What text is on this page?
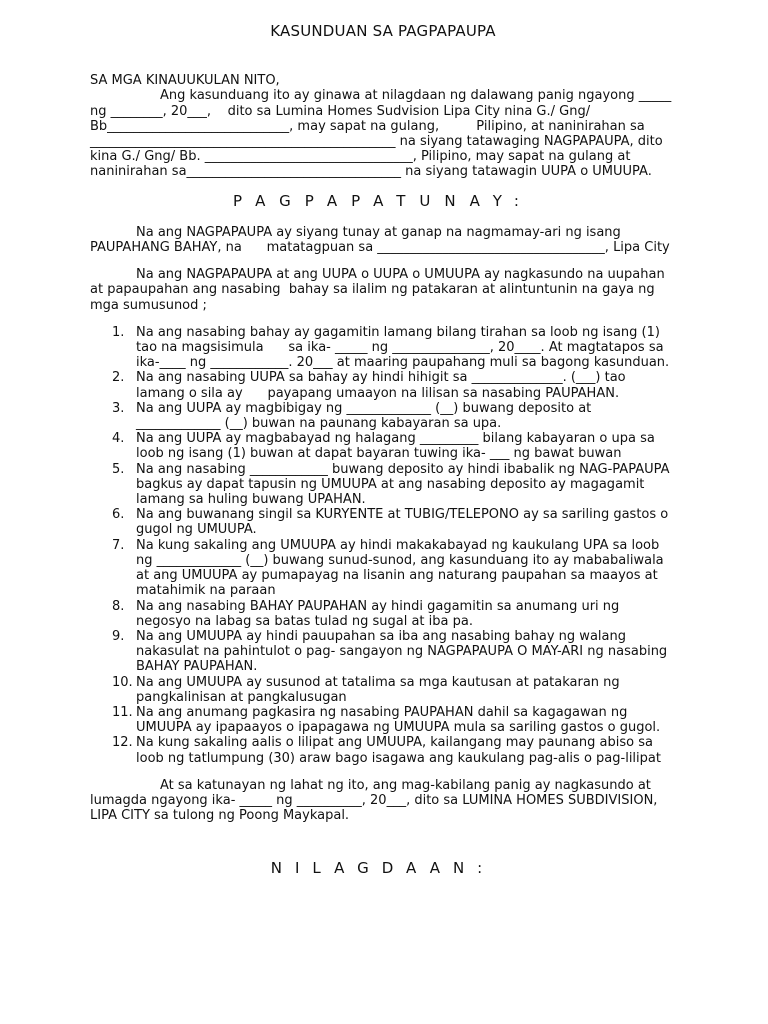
KASUNDUAN SA PAGPAPAUPA

SA MGA KINAUUKULAN NITO,

Ang kasunduang ito ay ginawa at nilagdaan ng dalawang panig ngayong _____ ng ________, 20___,    dito sa Lumina Homes Sudvision Lipa City nina G./ Gng/ Bb____________________________, may sapat na gulang,         Pilipino, at naninirahan sa _______________________________________________ na siyang tatawaging NAGPAPAUPA, dito kina G./ Gng/ Bb. ________________________________, Pilipino, may sapat na gulang at naninirahan sa_________________________________ na siyang tatawagin UUPA o UMUUPA.

PAGPAPATUNAY:

Na ang NAGPAPAUPA ay siyang tunay at ganap na nagmamay-ari ng isang PAUPAHANG BAHAY, na      matatagpuan sa ___________________________________, Lipa City

Na ang NAGPAPAUPA at ang UUPA o UUPA o UMUUPA ay nagkasundo na uupahan at papaupahan ang nasabing  bahay sa ilalim ng patakaran at alintuntunin na gaya ng mga sumusunod ;

1. Na ang nasabing bahay ay gagamitin lamang bilang tirahan sa loob ng isang (1) tao na magsisimula      sa ika- _____ ng _______________, 20____. At magtatapos sa ika-____ ng ____________. 20___ at maaring paupahang muli sa bagong kasunduan.
2. Na ang nasabing UUPA sa bahay ay hindi hihigit sa ______________. (___) tao lamang o sila ay      payapang umaayon na lilisan sa nasabing PAUPAHAN.
3. Na ang UUPA ay magbibigay ng _____________ (__) buwang deposito at _____________ (__) buwan na paunang kabayaran sa upa.
4. Na ang UUPA ay magbabayad ng halagang _________ bilang kabayaran o upa sa loob ng isang (1) buwan at dapat bayaran tuwing ika- ___ ng bawat buwan
5. Na ang nasabing ____________ buwang deposito ay hindi ibabalik ng NAG-PAPAUPA bagkus ay dapat tapusin ng UMUUPA at ang nasabing deposito ay magagamit lamang sa huling buwang UPAHAN.
6. Na ang buwanang singil sa KURYENTE at TUBIG/TELEPONO ay sa sariling gastos o gugol ng UMUUPA.
7. Na kung sakaling ang UMUUPA ay hindi makakabayad ng kaukulang UPA sa loob ng _____________ (__) buwang sunud-sunod, ang kasunduang ito ay mababaliwala at ang UMUUPA ay pumapayag na lisanin ang naturang paupahan sa maayos at matahimik na paraan
8. Na ang nasabing BAHAY PAUPAHAN ay hindi gagamitin sa anumang uri ng negosyo na labag sa batas tulad ng sugal at iba pa.
9. Na ang UMUUPA ay hindi pauupahan sa iba ang nasabing bahay ng walang nakasulat na pahintulot o pag- sangayon ng NAGPAPAUPA O MAY-ARI ng nasabing BAHAY PAUPAHAN.
10. Na ang UMUUPA ay susunod at tatalima sa mga kautusan at patakaran ng pangkalinisan at pangkalusugan
11. Na ang anumang pagkasira ng nasabing PAUPAHAN dahil sa kagagawan ng UMUUPA ay ipapaayos o ipapagawa ng UMUUPA mula sa sariling gastos o gugol.
12. Na kung sakaling aalis o lilipat ang UMUUPA, kailangang may paunang abiso sa loob ng tatlumpung (30) araw bago isagawa ang kaukulang pag-alis o pag-lilipat

At sa katunayan ng lahat ng ito, ang mag-kabilang panig ay nagkasundo at lumagda ngayong ika- _____ ng __________, 20___, dito sa LUMINA HOMES SUBDIVISION, LIPA CITY sa tulong ng Poong Maykapal.

NILAGDAAN:
